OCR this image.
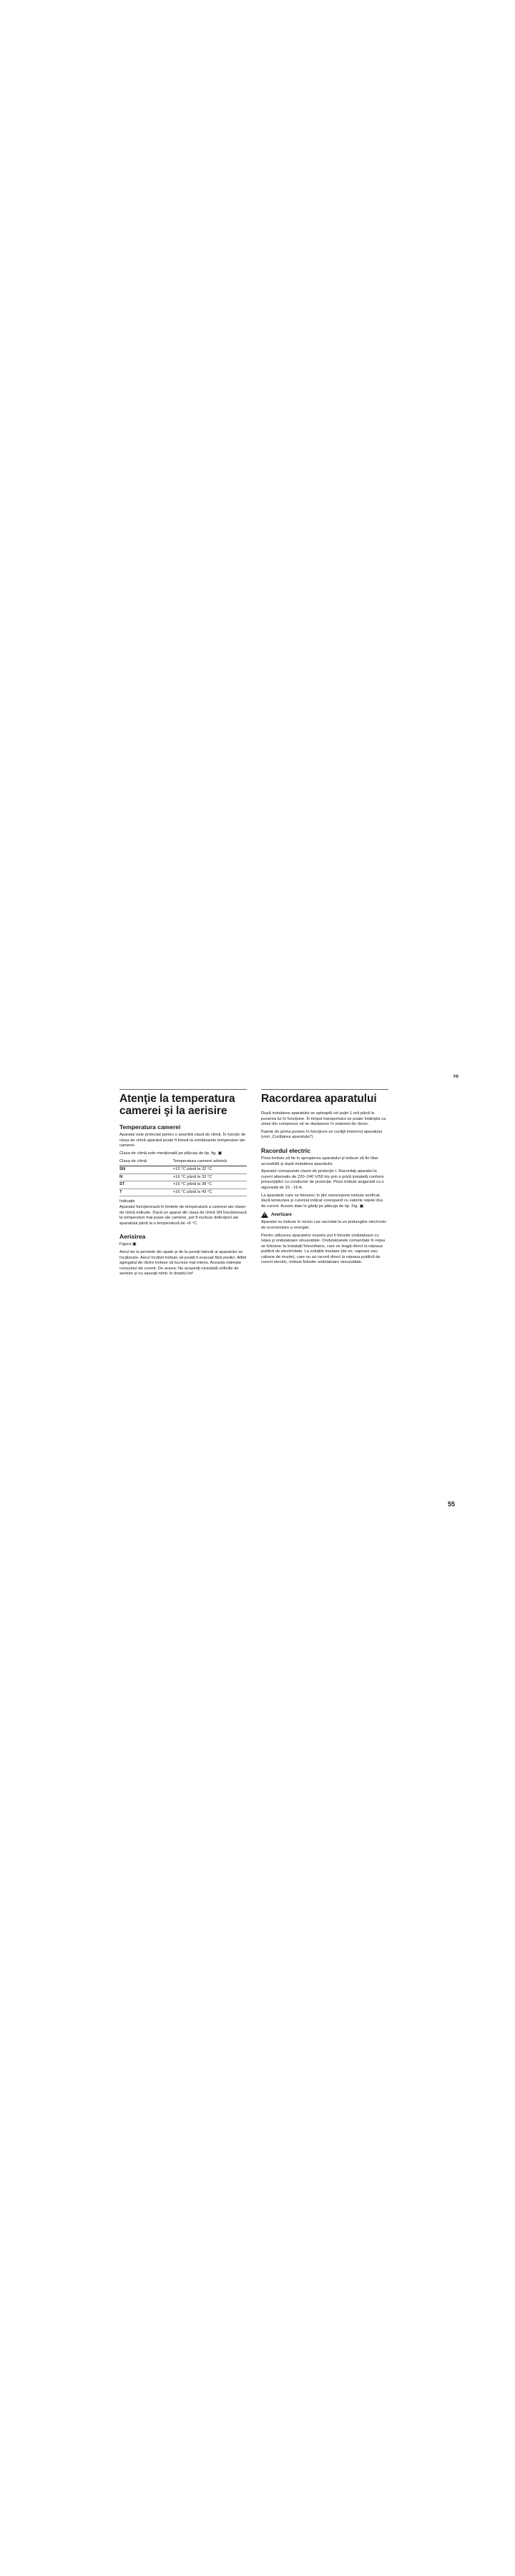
ro
Atenţie la temperatura
camerei şi la aerisire
Temperatura camerei

Aparatul este proiectat pentru o anumită clasă de climă. În funcţie de clasa de climă aparatul poate fi folosit la următoarele temperaturi ale camerei.

Clasa de climă este menţionată pe plăcuţa de tip, fig. ▣

Clasa de climă	Temperatura camerei admisă
SN	+10 °C până la 32 °C
N	+16 °C până la 32 °C
ST	+16 °C până la 38 °C
T	+16 °C până la 43 °C

Indicaţie

Aparatul funcţionează în limitele de temperatură a camerei ale clasei de climă indicate. Dacă un aparat din clasa de climă SN funcţionează la temperaturi mai joase ale camerei, pot fi excluse defecţiuni ale aparatului până la o temperatură de +5 °C.

Aerisirea

Figura ▣

Aerul de la peretele din spate şi de la pereţii laterali ai aparatului se încălzeşte. Aerul încălzit trebuie să poată fi evacuat fără piedici. Altfel agregatul de răcire trebuie să lucreze mai intens. Aceasta măreşte consumul de curent. De aceea: Nu acoperiţi niciodată orificiile de aerisire şi nu aşezaţi nimic în dreptul lor!

Racordarea aparatului

După instalarea aparatului se aşteaptă cel puţin 1 oră până la punerea lui în funcţiune. În timpul transportului se poate întâmpla ca uleiul din compresor să se deplaseze în sistemul de răcire.

Înainte de prima punere în funcţiune se curăţă interiorul aparatului (vezi „Curăţarea aparatului”).

Racordul electric

Priza trebuie să fie în apropierea aparatului şi trebuie să fie liber accesibilă şi după instalarea aparatului.

Aparatul corespunde clasei de protecţie I. Racordaţi aparatul la curent alternativ de 220–240 V/50 Hz prin o priză instalată conform prescripţiilor cu conductor de protecţie. Priza trebuie asigurată cu o siguranţă de 10 - 16 A.

La aparatele care se folosesc în ţări neeuropene trebuie verificat, dacă tensiunea şi curentul indicat corespund cu valorile reţelei dvs. de curent. Aceste date le găsiţi pe plăcuţa de tip. Fig. ▣

!
Avertizare

Aparatul nu trebuie în niciun caz racordat la un prelungitor electronic de economisire a energiei.

Pentru utilizarea aparatelor noastre pot fi folosite ondulatoare cu reţea şi ondulatoare sinusoidale. Ondulatoarele comandate în reţea se folosesc la instalaţii fotovoltaice, care se leagă direct la reţeaua publică de electricitate. La soluţiile insulare (de ex. vapoare sau cabane de munte), care nu au racord direct la reţeaua publică de curent electric, trebuie folosite ondulatoare sinusoidale.

55
